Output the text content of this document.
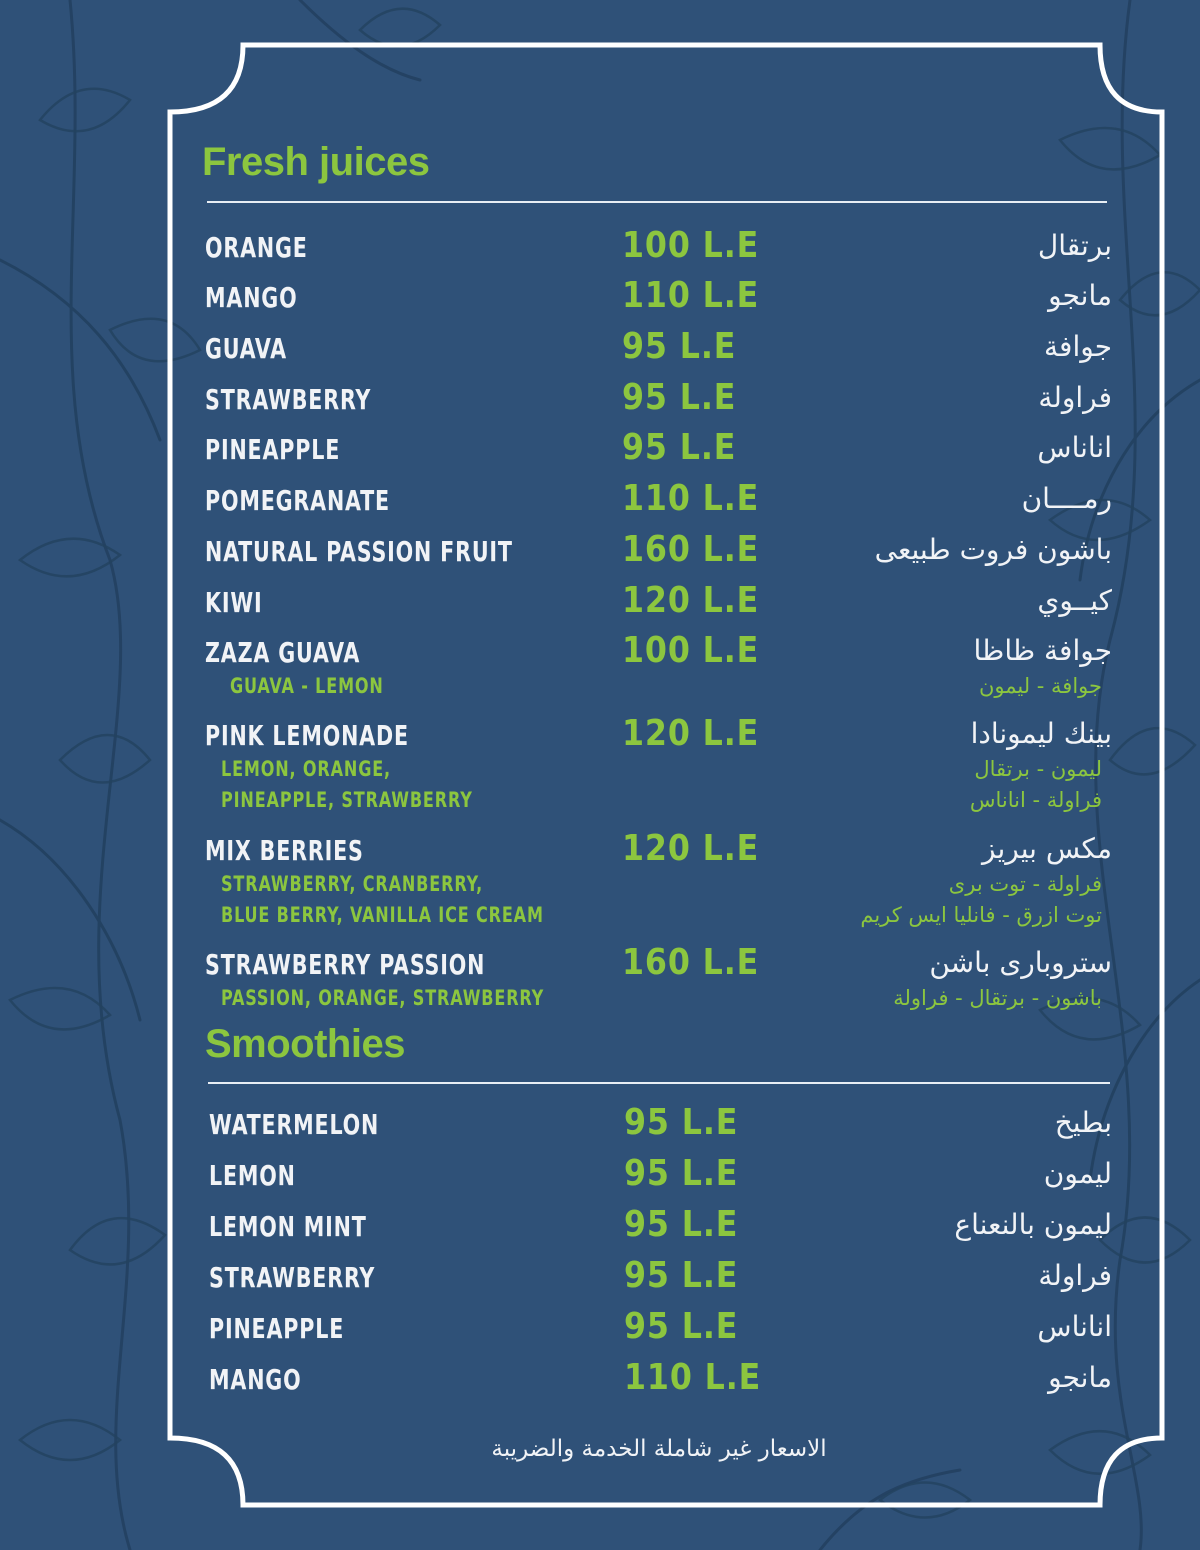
Fresh juices
ORANGE	100 L.E	برتقال
MANGO	110 L.E	مانجو
GUAVA	95 L.E	جوافة
STRAWBERRY	95 L.E	فراولة
PINEAPPLE	95 L.E	اناناس
POMEGRANATE	110 L.E	رمــــان
NATURAL PASSION FRUIT	160 L.E	باشون فروت طبيعى
KIWI	120 L.E	كيــوي
ZAZA GUAVA	100 L.E	جوافة ظاظا
GUAVA - LEMON	جوافة - ليمون
PINK LEMONADE	120 L.E	بينك ليمونادا
LEMON, ORANGE,
PINEAPPLE, STRAWBERRY
ليمون - برتقال
فراولة - اناناس
MIX BERRIES	120 L.E	مكس بيريز
STRAWBERRY, CRANBERRY,
BLUE BERRY, VANILLA ICE CREAM
فراولة - توت برى
توت ازرق - فانليا ايس كريم
STRAWBERRY PASSION	160 L.E	ستروبارى باشن
PASSION, ORANGE, STRAWBERRY	باشون - برتقال - فراولة
Smoothies
WATERMELON	95 L.E	بطيخ
LEMON	95 L.E	ليمون
LEMON MINT	95 L.E	ليمون بالنعناع
STRAWBERRY	95 L.E	فراولة
PINEAPPLE	95 L.E	اناناس
MANGO	110 L.E	مانجو
الاسعار غير شاملة الخدمة والضريبة
